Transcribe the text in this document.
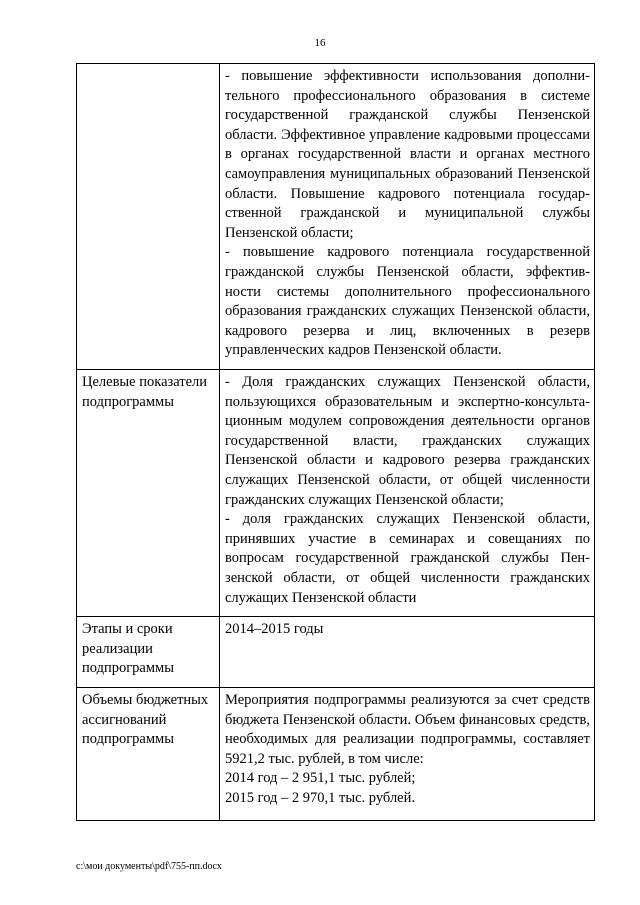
16

	- повышение эффективности использования дополни-тельного профессионального образования в системе государственной гражданской службы Пензенской области. Эффективное управление кадровыми процессами в органах государственной власти и органах местного самоуправления муниципальных образований Пензенской области. Повышение кадрового потенциала государ-ственной гражданской и муниципальной службы Пензенской области;

- повышение кадрового потенциала государственной гражданской службы Пензенской области, эффектив-ности системы дополнительного профессионального образования гражданских служащих Пензенской области, кадрового резерва и лиц, включенных в резерв управленческих кадров Пензенской области.

Целевые показатели подпрограммы	- Доля гражданских служащих Пензенской области, пользующихся образовательным и экспертно-консульта-ционным модулем сопровождения деятельности органов государственной власти, гражданских служащих Пензенской области и кадрового резерва гражданских служащих Пензенской области, от общей численности гражданских служащих Пензенской области;

- доля гражданских служащих Пензенской области, принявших участие в семинарах и совещаниях по вопросам государственной гражданской службы Пен-зенской области, от общей численности гражданских служащих Пензенской области

Этапы и сроки реализации подпрограммы	2014–2015 годы

Объемы бюджетных ассигнований подпрограммы	Мероприятия подпрограммы реализуются за счет средств бюджета Пензенской области. Объем финансовых средств, необходимых для реализации подпрограммы, составляет 5921,2 тыс. рублей, в том числе:

2014 год – 2 951,1 тыс. рублей;

2015 год – 2 970,1 тыс. рублей.

c:\мои документы\pdf\755-пп.docx
